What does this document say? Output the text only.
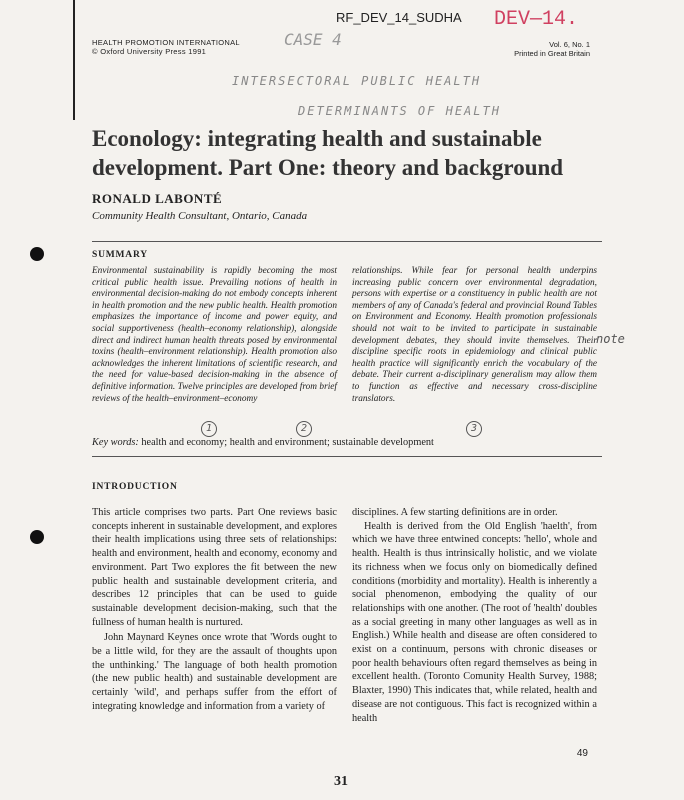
RF_DEV_14_SUDHA DEV—14.
CASE 4
INTERSECTORAL PUBLIC HEALTH
DETERMINANTS OF HEALTH
note
HEALTH PROMOTION INTERNATIONAL
© Oxford University Press 1991
Vol. 6, No. 1
Printed in Great Britain
Econology: integrating health and sustainable development. Part One: theory and background
RONALD LABONTÉ
Community Health Consultant, Ontario, Canada
SUMMARY
Environmental sustainability is rapidly becoming the most critical public health issue. Prevailing notions of health in environmental decision-making do not embody concepts inherent in health promotion and the new public health. Health promotion emphasizes the importance of income and power equity, and social supportiveness (health–economy relationship), alongside direct and indirect human health threats posed by environmental toxins (health–environment relationship). Health promotion also acknowledges the inherent limitations of scientific research, and the need for value-based decision-making in the absence of definitive information. Twelve principles are developed from brief reviews of the health–environment–economy
relationships. While fear for personal health underpins increasing public concern over environmental degradation, persons with expertise or a constituency in public health are not members of any of Canada's federal and provincial Round Tables on Environment and Economy. Health promotion professionals should not wait to be invited to participate in sustainable development debates, they should invite themselves. Their discipline specific roots in epidemiology and clinical public health practice will significantly enrich the vocabulary of the debate. Their current a-disciplinary generalism may allow them to function as effective and necessary cross-discipline translators.
1	2	3
Key words: health and economy; health and environment; sustainable development
INTRODUCTION
This article comprises two parts. Part One reviews basic concepts inherent in sustainable development, and explores their health implications using three sets of relationships: health and environment, health and economy, economy and environment. Part Two explores the fit between the new public health and sustainable development criteria, and describes 12 principles that can be used to guide sustainable development decision-making, such that the fullness of human health is nurtured.
John Maynard Keynes once wrote that 'Words ought to be a little wild, for they are the assault of thoughts upon the unthinking.' The language of both health promotion (the new public health) and sustainable development are certainly 'wild', and perhaps suffer from the effort of integrating knowledge and information from a variety of
disciplines. A few starting definitions are in order.
Health is derived from the Old English 'haelth', from which we have three entwined concepts: 'hello', whole and health. Health is thus intrinsically holistic, and we violate its richness when we focus only on biomedically defined conditions (morbidity and mortality). Health is inherently a social phenomenon, embodying the quality of our relationships with one another. (The root of 'health' doubles as a social greeting in many other languages as well as in English.) While health and disease are often considered to exist on a continuum, persons with chronic diseases or poor health behaviours often regard themselves as being in excellent health. (Toronto Comunity Health Survey, 1988; Blaxter, 1990) This indicates that, while related, health and disease are not contiguous. This fact is recognized within a health
49
31
